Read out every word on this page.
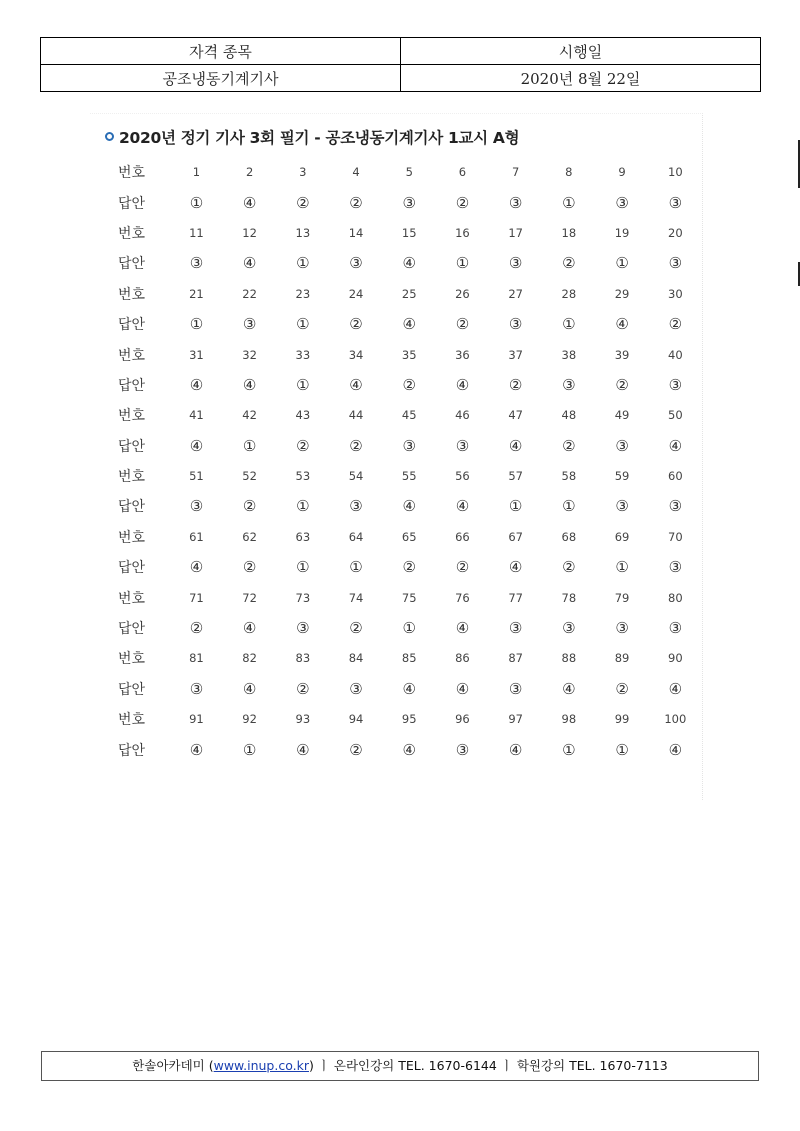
자격 종목	시행일
공조냉동기계기사	2020년 8월 22일
2020년 정기 기사 3회 필기 - 공조냉동기계기사 1교시 A형
번호	1	2	3	4	5	6	7	8	9	10
답안	①	④	②	②	③	②	③	①	③	③
번호	11	12	13	14	15	16	17	18	19	20
답안	③	④	①	③	④	①	③	②	①	③
번호	21	22	23	24	25	26	27	28	29	30
답안	①	③	①	②	④	②	③	①	④	②
번호	31	32	33	34	35	36	37	38	39	40
답안	④	④	①	④	②	④	②	③	②	③
번호	41	42	43	44	45	46	47	48	49	50
답안	④	①	②	②	③	③	④	②	③	④
번호	51	52	53	54	55	56	57	58	59	60
답안	③	②	①	③	④	④	①	①	③	③
번호	61	62	63	64	65	66	67	68	69	70
답안	④	②	①	①	②	②	④	②	①	③
번호	71	72	73	74	75	76	77	78	79	80
답안	②	④	③	②	①	④	③	③	③	③
번호	81	82	83	84	85	86	87	88	89	90
답안	③	④	②	③	④	④	③	④	②	④
번호	91	92	93	94	95	96	97	98	99	100
답안	④	①	④	②	④	③	④	①	①	④
한솔아카데미 (www.inup.co.kr) ㅣ 온라인강의 TEL. 1670-6144 ㅣ 학원강의 TEL. 1670-7113
